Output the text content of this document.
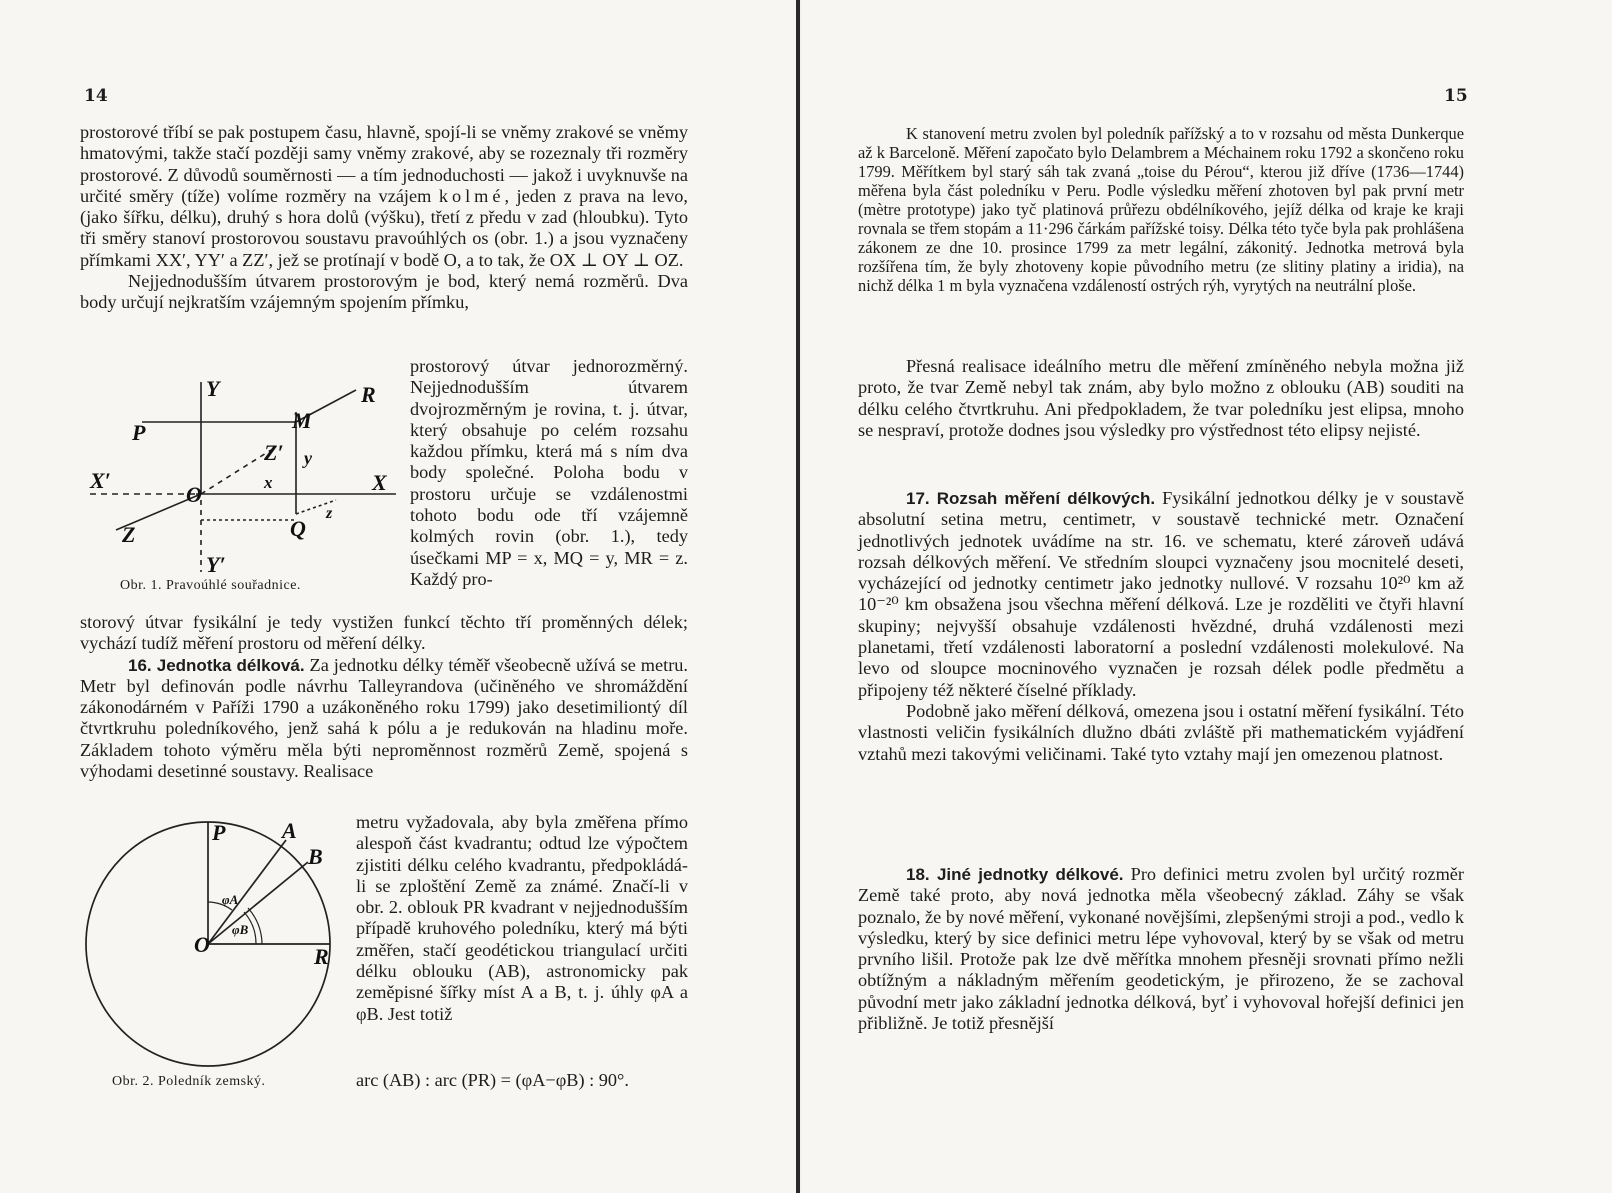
14

prostorové tříbí se pak postupem času, hlavně, spojí-li se vněmy zrakové se vněmy hmatovými, takže stačí později samy vněmy zrakové, aby se rozeznaly tři rozměry prostorové. Z důvodů souměrnosti — a tím jednoduchosti — jakož i uvyknuvše na určité směry (tíže) volíme rozměry na vzájem kolmé, jeden z prava na levo, (jako šířku, délku), druhý s hora dolů (výšku), třetí z předu v zad (hloubku). Tyto tři směry stanoví prostorovou soustavu pravoúhlých os (obr. 1.) a jsou vyznačeny přímkami XX′, YY′ a ZZ′, jež se protínají v bodě O, a to tak, že OX ⊥ OY ⊥ OZ.

Nejjednodušším útvarem prostorovým je bod, který nemá rozměrů. Dva body určují nejkratším vzájemným spojením přímku,

prostorový útvar jednorozměrný. Nejjednodušším útvarem dvojrozměrným je rovina, t. j. útvar, který obsahuje po celém rozsahu každou přímku, která má s ním dva body společné. Poloha bodu v prostoru určuje se vzdálenostmi tohoto bodu ode tří vzájemně kolmých rovin (obr. 1.), tedy úsečkami MP = x, MQ = y, MR = z. Každý pro-
Y	R
M
P
Z′ y
X′	x	X
O
Z	Q
z
Y′
Obr. 1. Pravoúhlé souřadnice.

storový útvar fysikální je tedy vystižen funkcí těchto tří proměnných délek; vychází tudíž měření prostoru od měření délky.

16. Jednotka délková. Za jednotku délky téměř všeobecně užívá se metru. Metr byl definován podle návrhu Talleyrandova (učiněného ve shromáždění zákonodárném v Paříži 1790 a uzákoněného roku 1799) jako desetimiliontý díl čtvrtkruhu poledníkového, jenž sahá k pólu a je redukován na hladinu moře. Základem tohoto výměru měla býti neproměnnost rozměrů Země, spojená s výhodami desetinné soustavy. Realisace

metru vyžadovala, aby byla změřena přímo alespoň část kvadrantu; odtud lze výpočtem zjistiti délku celého kvadrantu, předpokládá-li se zploštění Země za známé. Značí-li v obr. 2. oblouk PR kvadrant v nejjednodušším případě kruhového poledníku, který má býti změřen, stačí geodétickou triangulací určiti délku oblouku (AB), astronomicky pak zeměpisné šířky míst A a B, t. j. úhly φA a φB. Jest totiž
P	A
B
φA
φB
O	R
Obr. 2. Poledník zemský.	arc (AB) : arc (PR) = (φA−φB) : 90°.
15

K stanovení metru zvolen byl poledník pařížský a to v rozsahu od města Dunkerque až k Barceloně. Měření započato bylo Delambrem a Méchainem roku 1792 a skončeno roku 1799. Měřítkem byl starý sáh tak zvaná „toise du Pérou“, kterou již dříve (1736—1744) měřena byla část poledníku v Peru. Podle výsledku měření zhotoven byl pak první metr (mètre prototype) jako tyč platinová průřezu obdélníkového, jejíž délka od kraje ke kraji rovnala se třem stopám a 11·296 čárkám pařížské toisy. Délka této tyče byla pak prohlášena zákonem ze dne 10. prosince 1799 za metr legální, zákonitý. Jednotka metrová byla rozšířena tím, že byly zhotoveny kopie původního metru (ze slitiny platiny a iridia), na nichž délka 1 m byla vyznačena vzdáleností ostrých rýh, vyrytých na neutrální ploše.

Přesná realisace ideálního metru dle měření zmíněného nebyla možna již proto, že tvar Země nebyl tak znám, aby bylo možno z oblouku (AB) souditi na délku celého čtvrtkruhu. Ani předpokladem, že tvar poledníku jest elipsa, mnoho se nespraví, protože dodnes jsou výsledky pro výstřednost této elipsy nejisté.

17. Rozsah měření délkových. Fysikální jednotkou délky je v soustavě absolutní setina metru, centimetr, v soustavě technické metr. Označení jednotlivých jednotek uvádíme na str. 16. ve schematu, které zároveň udává rozsah délkových měření. Ve středním sloupci vyznačeny jsou mocnitelé deseti, vycházející od jednotky centimetr jako jednotky nullové. V rozsahu 10²⁰ km až 10⁻²⁰ km obsažena jsou všechna měření délková. Lze je rozděliti ve čtyři hlavní skupiny; nejvyšší obsahuje vzdálenosti hvězdné, druhá vzdálenosti mezi planetami, třetí vzdálenosti laboratorní a poslední vzdálenosti molekulové. Na levo od sloupce mocninového vyznačen je rozsah délek podle předmětu a připojeny též některé číselné příklady.

Podobně jako měření délková, omezena jsou i ostatní měření fysikální. Této vlastnosti veličin fysikálních dlužno dbáti zvláště při mathematickém vyjádření vztahů mezi takovými veličinami. Také tyto vztahy mají jen omezenou platnost.

18. Jiné jednotky délkové. Pro definici metru zvolen byl určitý rozměr Země také proto, aby nová jednotka měla všeobecný základ. Záhy se však poznalo, že by nové měření, vykonané novějšími, zlepšenými stroji a pod., vedlo k výsledku, který by sice definici metru lépe vyhovoval, který by se však od metru prvního lišil. Protože pak lze dvě měřítka mnohem přesněji srovnati přímo nežli obtížným a nákladným měřením geodetickým, je přirozeno, že se zachoval původní metr jako základní jednotka délková, byť i vyhovoval hořejší definici jen přibližně. Je totiž přesnější
